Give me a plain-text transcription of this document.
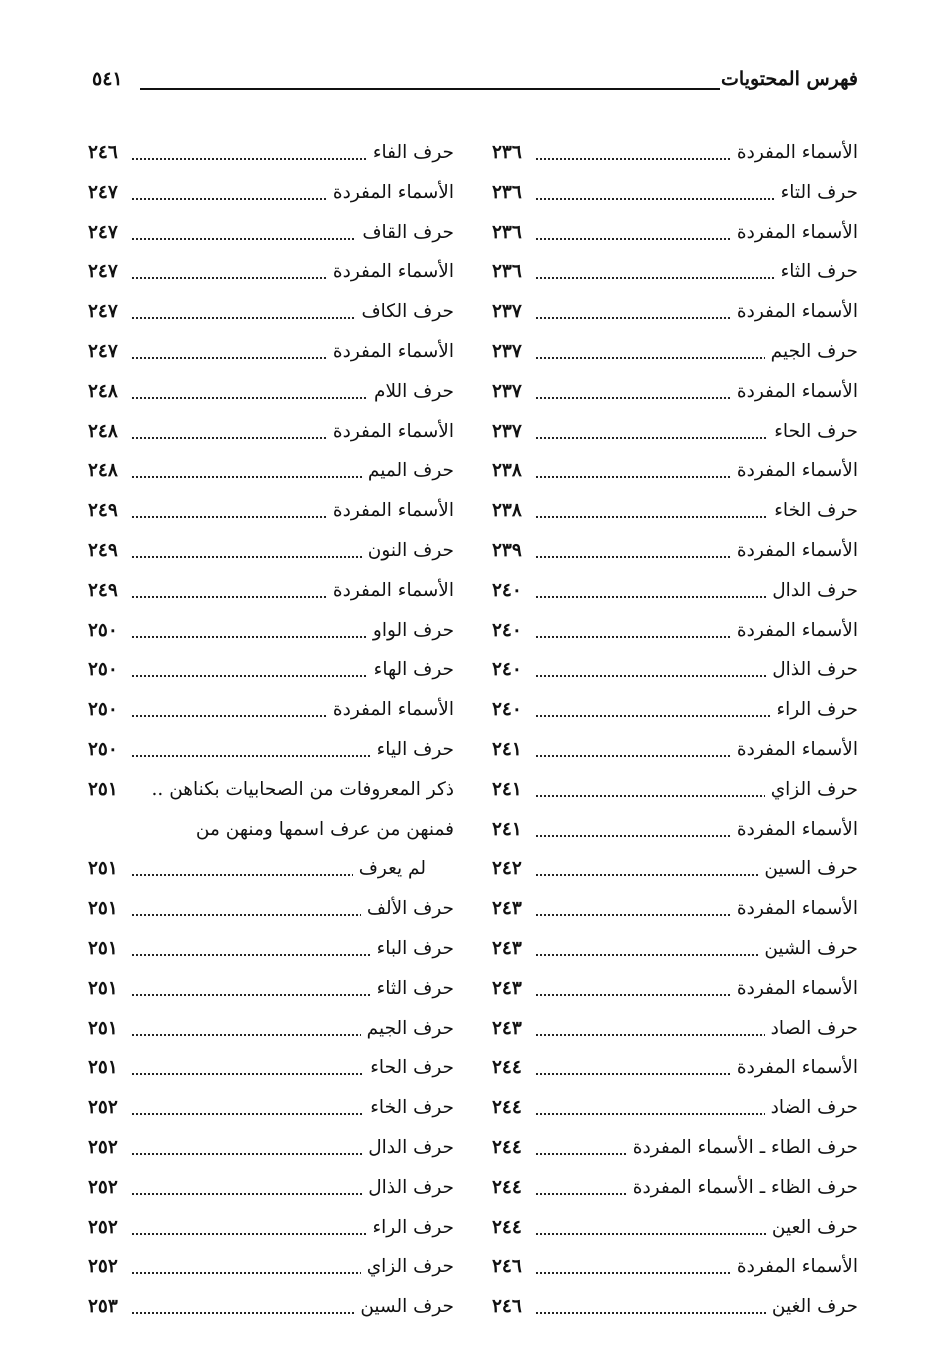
فهرس المحتويات
٥٤١
الأسماء المفردة
٢٣٦
حرف التاء
٢٣٦
الأسماء المفردة
٢٣٦
حرف الثاء
٢٣٦
الأسماء المفردة
٢٣٧
حرف الجيم
٢٣٧
الأسماء المفردة
٢٣٧
حرف الحاء
٢٣٧
الأسماء المفردة
٢٣٨
حرف الخاء
٢٣٨
الأسماء المفردة
٢٣٩
حرف الدال
٢٤٠
الأسماء المفردة
٢٤٠
حرف الذال
٢٤٠
حرف الراء
٢٤٠
الأسماء المفردة
٢٤١
حرف الزاي
٢٤١
الأسماء المفردة
٢٤١
حرف السين
٢٤٢
الأسماء المفردة
٢٤٣
حرف الشين
٢٤٣
الأسماء المفردة
٢٤٣
حرف الصاد
٢٤٣
الأسماء المفردة
٢٤٤
حرف الضاد
٢٤٤
حرف الطاء ـ الأسماء المفردة
٢٤٤
حرف الظاء ـ الأسماء المفردة
٢٤٤
حرف العين
٢٤٤
الأسماء المفردة
٢٤٦
حرف الغين
٢٤٦
حرف الفاء
٢٤٦
الأسماء المفردة
٢٤٧
حرف القاف
٢٤٧
الأسماء المفردة
٢٤٧
حرف الكاف
٢٤٧
الأسماء المفردة
٢٤٧
حرف اللام
٢٤٨
الأسماء المفردة
٢٤٨
حرف الميم
٢٤٨
الأسماء المفردة
٢٤٩
حرف النون
٢٤٩
الأسماء المفردة
٢٤٩
حرف الواو
٢٥٠
حرف الهاء
٢٥٠
الأسماء المفردة
٢٥٠
حرف الياء
٢٥٠
ذكر المعروفات من الصحابيات بكناهن ..
٢٥١
فمنهن من عرف اسمها ومنهن من
لم يعرف
٢٥١
حرف الألف
٢٥١
حرف الباء
٢٥١
حرف الثاء
٢٥١
حرف الجيم
٢٥١
حرف الحاء
٢٥١
حرف الخاء
٢٥٢
حرف الدال
٢٥٢
حرف الذال
٢٥٢
حرف الراء
٢٥٢
حرف الزاي
٢٥٢
حرف السين
٢٥٣
